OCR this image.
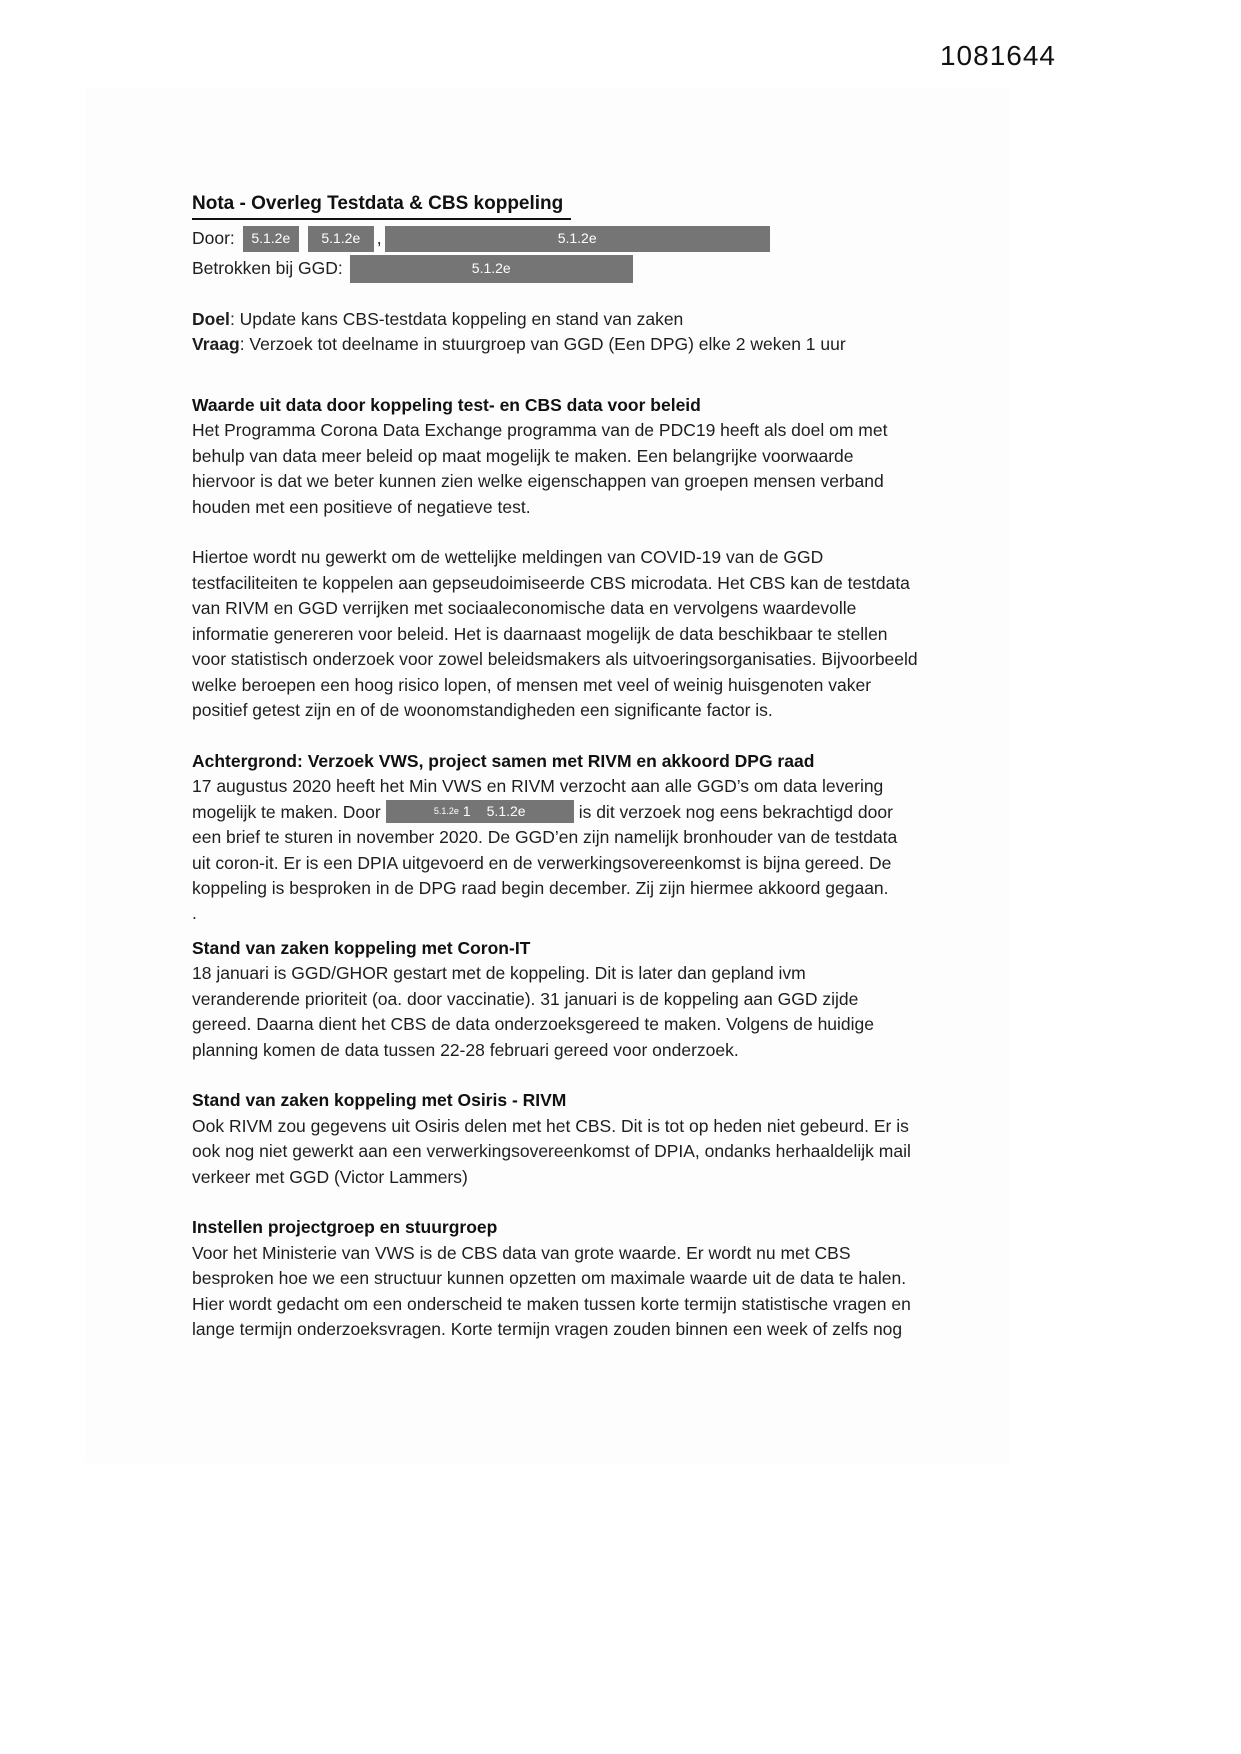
1081644
Nota - Overleg Testdata & CBS koppeling
Door:	5.1.2e	5.1.2e ,	5.1.2e
Betrokken bij GGD:	5.1.2e

Doel: Update kans CBS-testdata koppeling en stand van zaken

Vraag: Verzoek tot deelname in stuurgroep van GGD (Een DPG) elke 2 weken 1 uur

Waarde uit data door koppeling test- en CBS data voor beleid

Het Programma Corona Data Exchange programma van de PDC19 heeft als doel om met behulp van data meer beleid op maat mogelijk te maken. Een belangrijke voorwaarde hiervoor is dat we beter kunnen zien welke eigenschappen van groepen mensen verband houden met een positieve of negatieve test.

Hiertoe wordt nu gewerkt om de wettelijke meldingen van COVID-19 van de GGD testfaciliteiten te koppelen aan gepseudoimiseerde CBS microdata. Het CBS kan de testdata van RIVM en GGD verrijken met sociaaleconomische data en vervolgens waardevolle informatie genereren voor beleid. Het is daarnaast mogelijk de data beschikbaar te stellen voor statistisch onderzoek voor zowel beleidsmakers als uitvoeringsorganisaties. Bijvoorbeeld welke beroepen een hoog risico lopen, of mensen met veel of weinig huisgenoten vaker positief getest zijn en of de woonomstandigheden een significante factor is.

Achtergrond: Verzoek VWS, project samen met RIVM en akkoord DPG raad

17 augustus 2020 heeft het Min VWS en RIVM verzocht aan alle GGD’s om data levering mogelijk te maken. Door	5.1.2e 1 5.1.2e	is dit verzoek nog eens bekrachtigd door een brief te sturen in november 2020. De GGD’en zijn namelijk bronhouder van de testdata uit coron-it. Er is een DPIA uitgevoerd en de verwerkingsovereenkomst is bijna gereed. De koppeling is besproken in de DPG raad begin december. Zij zijn hiermee akkoord gegaan.

.

Stand van zaken koppeling met Coron-IT

18 januari is GGD/GHOR gestart met de koppeling. Dit is later dan gepland ivm veranderende prioriteit (oa. door vaccinatie). 31 januari is de koppeling aan GGD zijde gereed. Daarna dient het CBS de data onderzoeksgereed te maken. Volgens de huidige planning komen de data tussen 22-28 februari gereed voor onderzoek.

Stand van zaken koppeling met Osiris - RIVM

Ook RIVM zou gegevens uit Osiris delen met het CBS. Dit is tot op heden niet gebeurd. Er is ook nog niet gewerkt aan een verwerkingsovereenkomst of DPIA, ondanks herhaaldelijk mail verkeer met GGD (Victor Lammers)

Instellen projectgroep en stuurgroep

Voor het Ministerie van VWS is de CBS data van grote waarde. Er wordt nu met CBS besproken hoe we een structuur kunnen opzetten om maximale waarde uit de data te halen. Hier wordt gedacht om een onderscheid te maken tussen korte termijn statistische vragen en lange termijn onderzoeksvragen. Korte termijn vragen zouden binnen een week of zelfs nog
